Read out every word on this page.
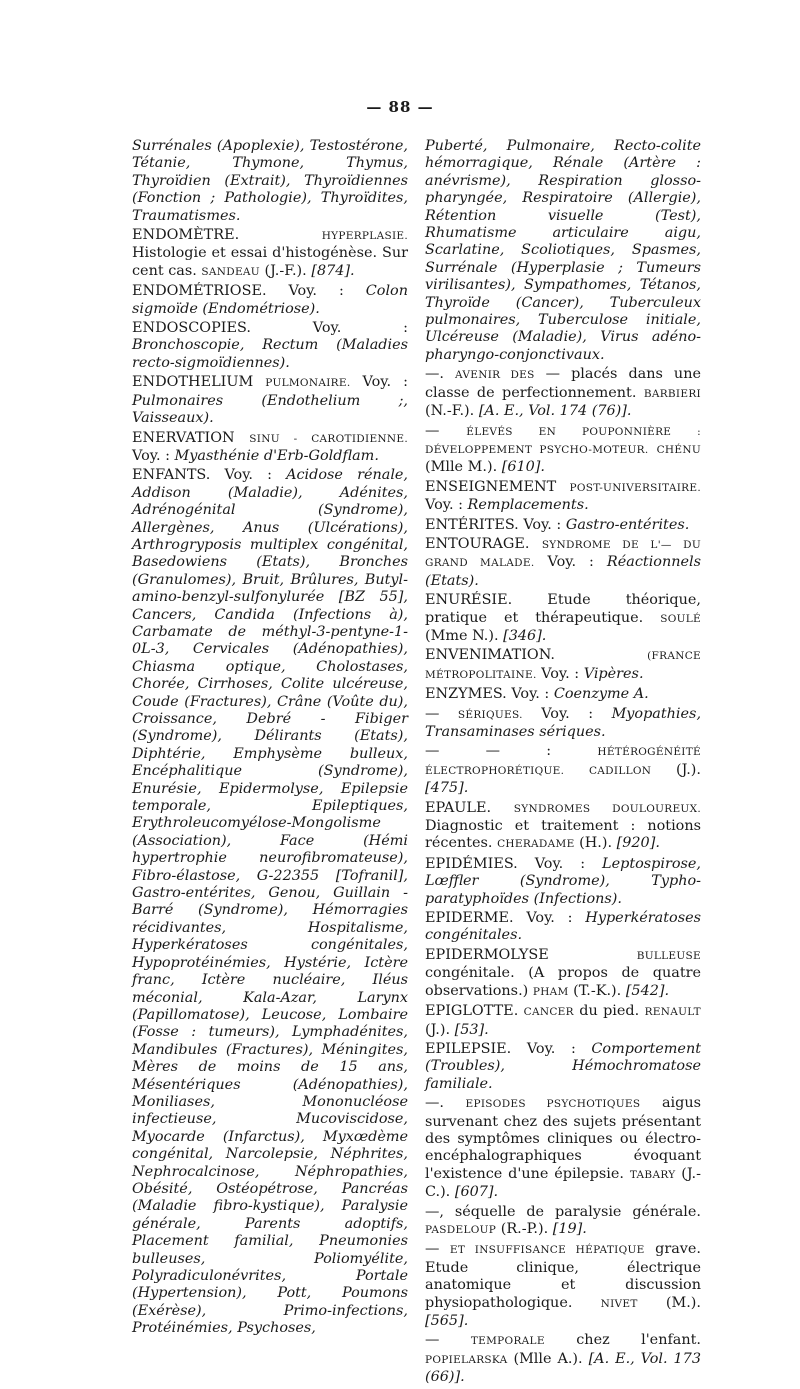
— 88 —

Surrénales (Apoplexie), Testostérone, Tétanie, Thymone, Thymus, Thyroïdien (Extrait), Thyroïdiennes (Fonction ; Pathologie), Thyroïdites, Traumatismes.

ENDOMÈTRE. HYPERPLASIE. Histologie et essai d'histogénèse. Sur cent cas. SANDEAU (J.-F.). [874].

ENDOMÉTRIOSE. Voy. : Colon sigmoïde (Endométriose).

ENDOSCOPIES. Voy. : Bronchoscopie, Rectum (Maladies recto-sigmoïdiennes).

ENDOTHELIUM PULMONAIRE. Voy. : Pulmonaires (Endothelium ;, Vaisseaux).

ENERVATION SINU - CAROTIDIENNE. Voy. : Myasthénie d'Erb-Goldflam.

ENFANTS. Voy. : Acidose rénale, Addison (Maladie), Adénites, Adrénogénital (Syndrome), Allergènes, Anus (Ulcérations), Arthrogryposis multiplex congénital, Basedowiens (Etats), Bronches (Granulomes), Bruit, Brûlures, Butyl-amino-benzyl-sulfonylurée [BZ 55], Cancers, Candida (Infections à), Carbamate de méthyl-3-pentyne-1-0L-3, Cervicales (Adénopathies), Chiasma optique, Cholostases, Chorée, Cirrhoses, Colite ulcéreuse, Coude (Fractures), Crâne (Voûte du), Croissance, Debré - Fibiger (Syndrome), Délirants (Etats), Diphtérie, Emphysème bulleux, Encéphalitique (Syndrome), Enurésie, Epidermolyse, Epilepsie temporale, Epileptiques, Erythroleucomyélose-Mongolisme (Association), Face (Hémi hypertrophie neurofibromateuse), Fibro-élastose, G-22355 [Tofranil], Gastro-entérites, Genou, Guillain - Barré (Syndrome), Hémorragies récidivantes, Hospitalisme, Hyperkératoses congénitales, Hypoprotéinémies, Hystérie, Ictère franc, Ictère nucléaire, Iléus méconial, Kala-Azar, Larynx (Papillomatose), Leucose, Lombaire (Fosse : tumeurs), Lymphadénites, Mandibules (Fractures), Méningites, Mères de moins de 15 ans, Mésentériques (Adénopathies), Moniliases, Mononucléose infectieuse, Mucoviscidose, Myocarde (Infarctus), Myxœdème congénital, Narcolepsie, Néphrites, Nephrocalcinose, Néphropathies, Obésité, Ostéopétrose, Pancréas (Maladie fibro-kystique), Paralysie générale, Parents adoptifs, Placement familial, Pneumonies bulleuses, Poliomyélite, Polyradiculonévrites, Portale (Hypertension), Pott, Poumons (Exérèse), Primo-infections, Protéinémies, Psychoses,

Puberté, Pulmonaire, Recto-colite hémorragique, Rénale (Artère : anévrisme), Respiration glosso-pharyngée, Respiratoire (Allergie), Rétention visuelle (Test), Rhumatisme articulaire aigu, Scarlatine, Scoliotiques, Spasmes, Surrénale (Hyperplasie ; Tumeurs virilisantes), Sympathomes, Tétanos, Thyroïde (Cancer), Tuberculeux pulmonaires, Tuberculose initiale, Ulcéreuse (Maladie), Virus adéno-pharyngo-conjonctivaux.

—. AVENIR DES — placés dans une classe de perfectionnement. BARBIERI (N.-F.). [A. E., Vol. 174 (76)].

— ÉLEVÉS EN POUPONNIÈRE : DÉVELOPPEMENT PSYCHO-MOTEUR. CHÉNU (Mlle M.). [610].

ENSEIGNEMENT POST-UNIVERSITAIRE. Voy. : Remplacements.

ENTÉRITES. Voy. : Gastro-entérites.

ENTOURAGE. SYNDROME DE L'— DU GRAND MALADE. Voy. : Réactionnels (Etats).

ENURÉSIE. Etude théorique, pratique et thérapeutique. SOULÉ (Mme N.). [346].

ENVENIMATION. (FRANCE MÉTROPOLITAINE. Voy. : Vipères.

ENZYMES. Voy. : Coenzyme A.

— SÉRIQUES. Voy. : Myopathies, Transaminases sériques.

— — : HÉTÉROGÉNÉITÉ ÉLECTROPHORÉTIQUE. CADILLON (J.). [475].

EPAULE. SYNDROMES DOULOUREUX. Diagnostic et traitement : notions récentes. CHERADAME (H.). [920].

EPIDÉMIES. Voy. : Leptospirose, Lœffler (Syndrome), Typho-paratyphoïdes (Infections).

EPIDERME. Voy. : Hyperkératoses congénitales.

EPIDERMOLYSE BULLEUSE congénitale. (A propos de quatre observations.) PHAM (T.-K.). [542].

EPIGLOTTE. CANCER du pied. RENAULT (J.). [53].

EPILEPSIE. Voy. : Comportement (Troubles), Hémochromatose familiale.

—. EPISODES PSYCHOTIQUES aigus survenant chez des sujets présentant des symptômes cliniques ou électro-encéphalographiques évoquant l'existence d'une épilepsie. TABARY (J.-C.). [607].

—, séquelle de paralysie générale. PASDELOUP (R.-P.). [19].

— ET INSUFFISANCE HÉPATIQUE grave. Etude clinique, électrique anatomique et discussion physiopathologique. NIVET (M.). [565].

— TEMPORALE chez l'enfant. POPIELARSKA (Mlle A.). [A. E., Vol. 173 (66)].
